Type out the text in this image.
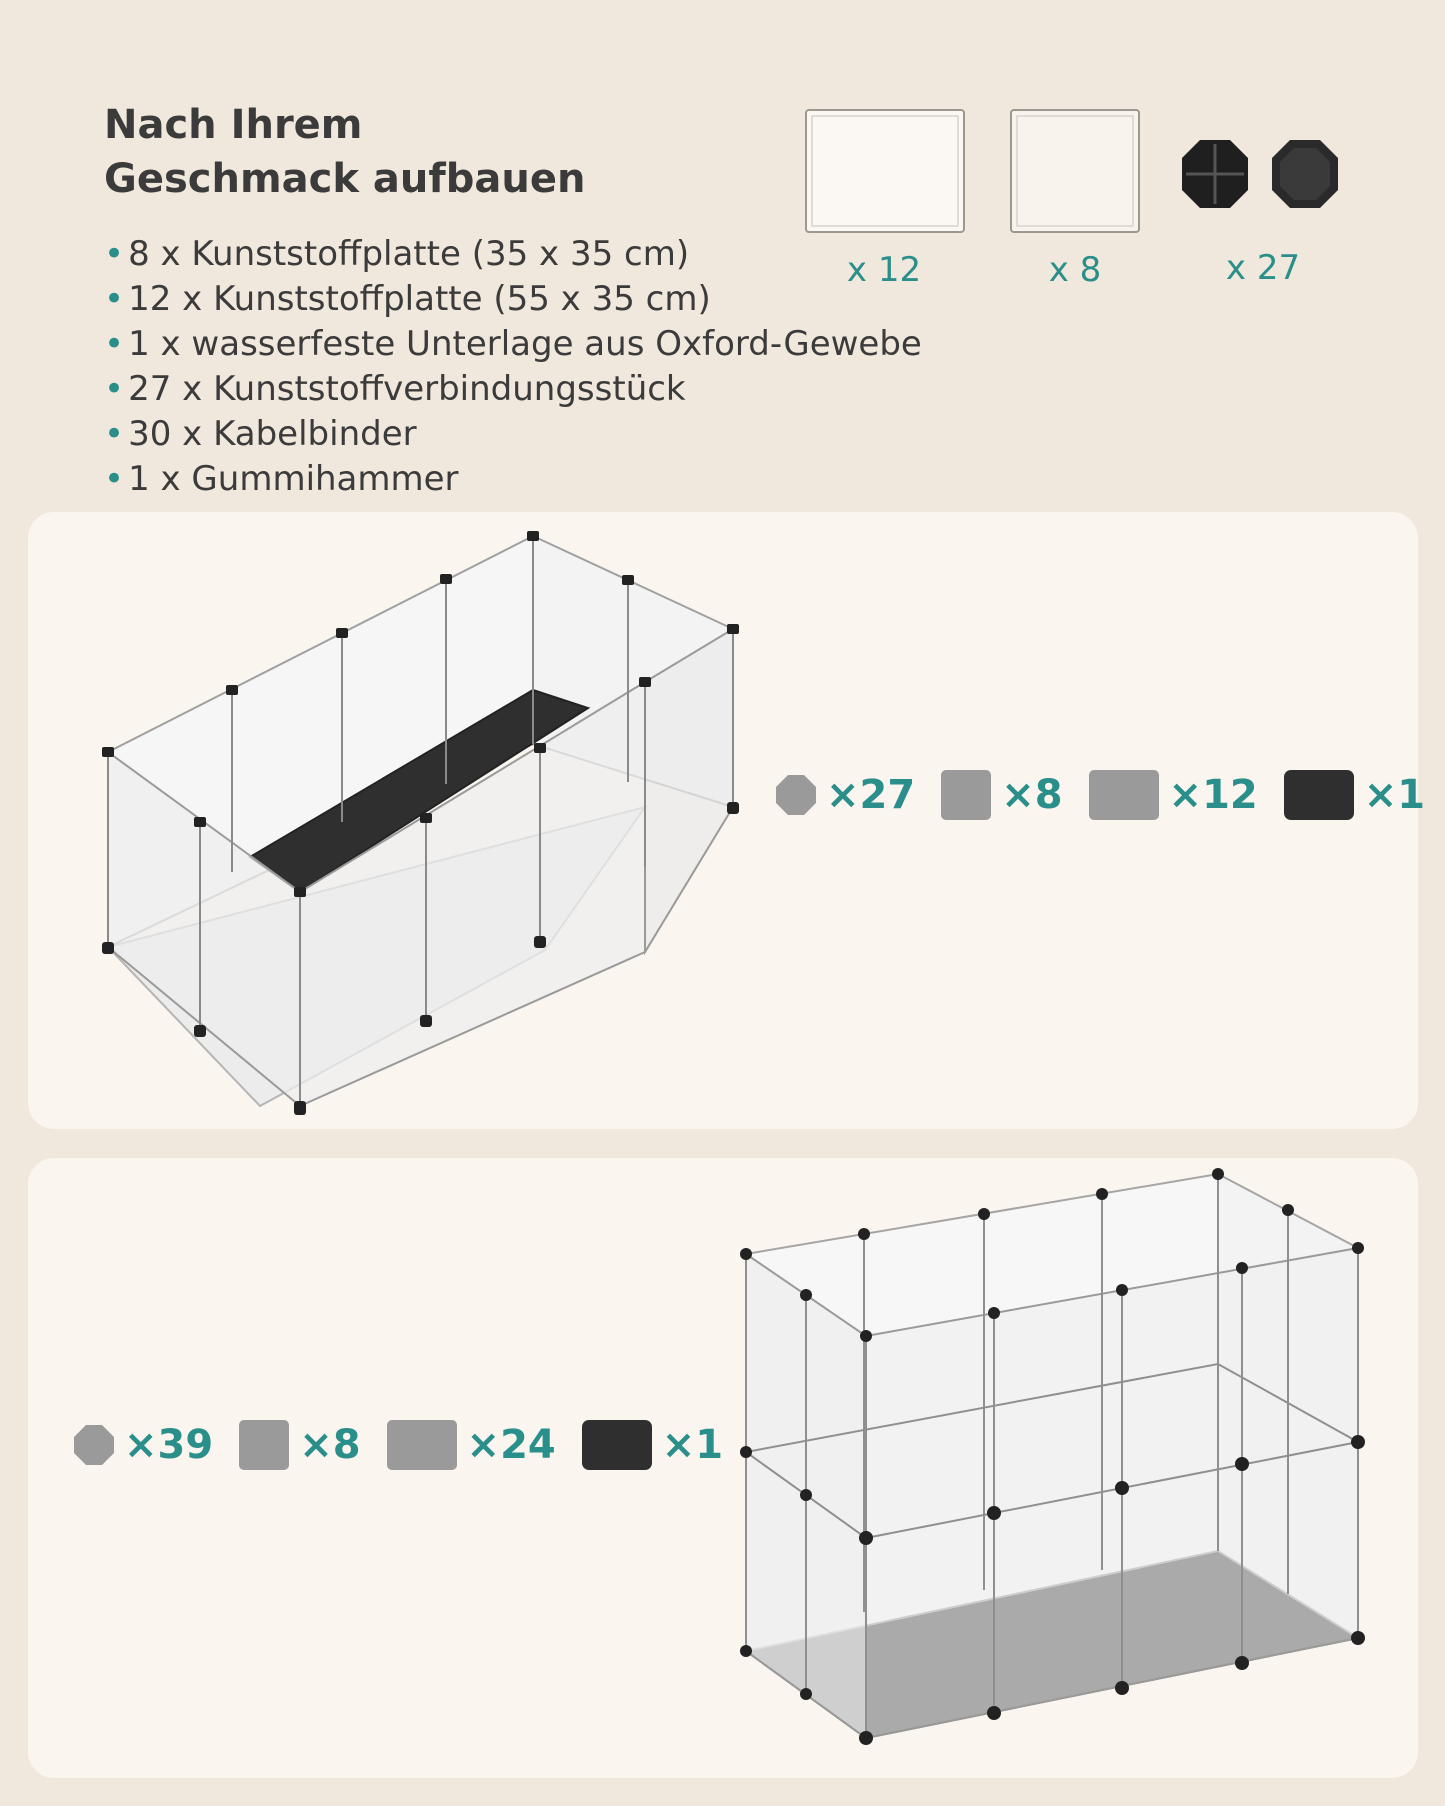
Nach Ihrem
Geschmack aufbauen
• 8 x Kunststoffplatte (35 x 35 cm)
• 12 x Kunststoffplatte (55 x 35 cm)
• 1 x wasserfeste Unterlage aus Oxford-Gewebe
• 27 x Kunststoffverbindungsstück
• 30 x Kabelbinder
• 1 x Gummihammer
x 12	x 8	x 27
×27 ×8	×12	×1
×39 ×8	×24	×1
